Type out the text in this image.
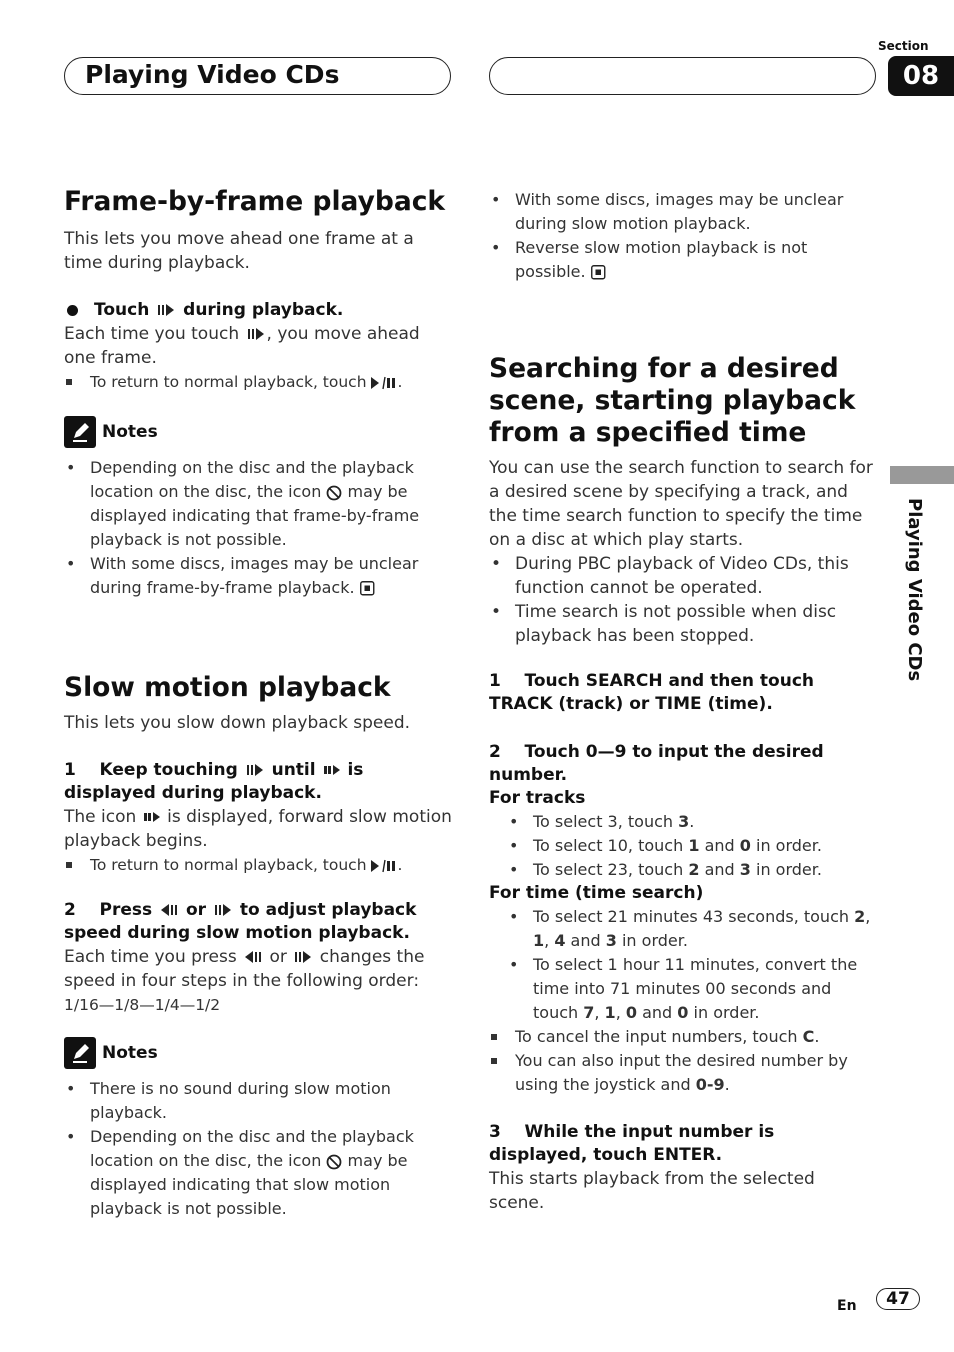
Playing Video CDs
Section
08
Playing Video CDs
Frame-by-frame playback

This lets you move ahead one frame at a time during playback.

Touch during playback.

Each time you touch , you move ahead one frame.

To return to normal playback, touch .
Notes
• Depending on the disc and the playback location on the disc, the icon may be displayed indicating that frame-by-frame playback is not possible.
• With some discs, images may be unclear during frame-by-frame playback.
Slow motion playback

This lets you slow down playback speed.

1 Keep touching until is displayed during playback.

The icon is displayed, forward slow motion playback begins.

To return to normal playback, touch .
2 Press or to adjust playback speed during slow motion playback.

Each time you press or changes the speed in four steps in the following order:

1/16—1/8—1/4—1/2
Notes
• There is no sound during slow motion playback.
• Depending on the disc and the playback location on the disc, the icon may be displayed indicating that slow motion playback is not possible.
• With some discs, images may be unclear during slow motion playback.
• Reverse slow motion playback is not possible.
Searching for a desired scene, starting playback from a specified time

You can use the search function to search for a desired scene by specifying a track, and the time search function to specify the time on a disc at which play starts.

• During PBC playback of Video CDs, this function cannot be operated.
• Time search is not possible when disc playback has been stopped.
1 Touch SEARCH and then touch TRACK (track) or TIME (time).
2 Touch 0—9 to input the desired number.
For tracks
• To select 3, touch 3.
• To select 10, touch 1 and 0 in order.
• To select 23, touch 2 and 3 in order.
For time (time search)
• To select 21 minutes 43 seconds, touch 2, 1, 4 and 3 in order.
• To select 1 hour 11 minutes, convert the time into 71 minutes 00 seconds and touch 7, 1, 0 and 0 in order.
To cancel the input numbers, touch C.
You can also input the desired number by using the joystick and 0-9.
3 While the input number is displayed, touch ENTER.

This starts playback from the selected scene.

En	47
